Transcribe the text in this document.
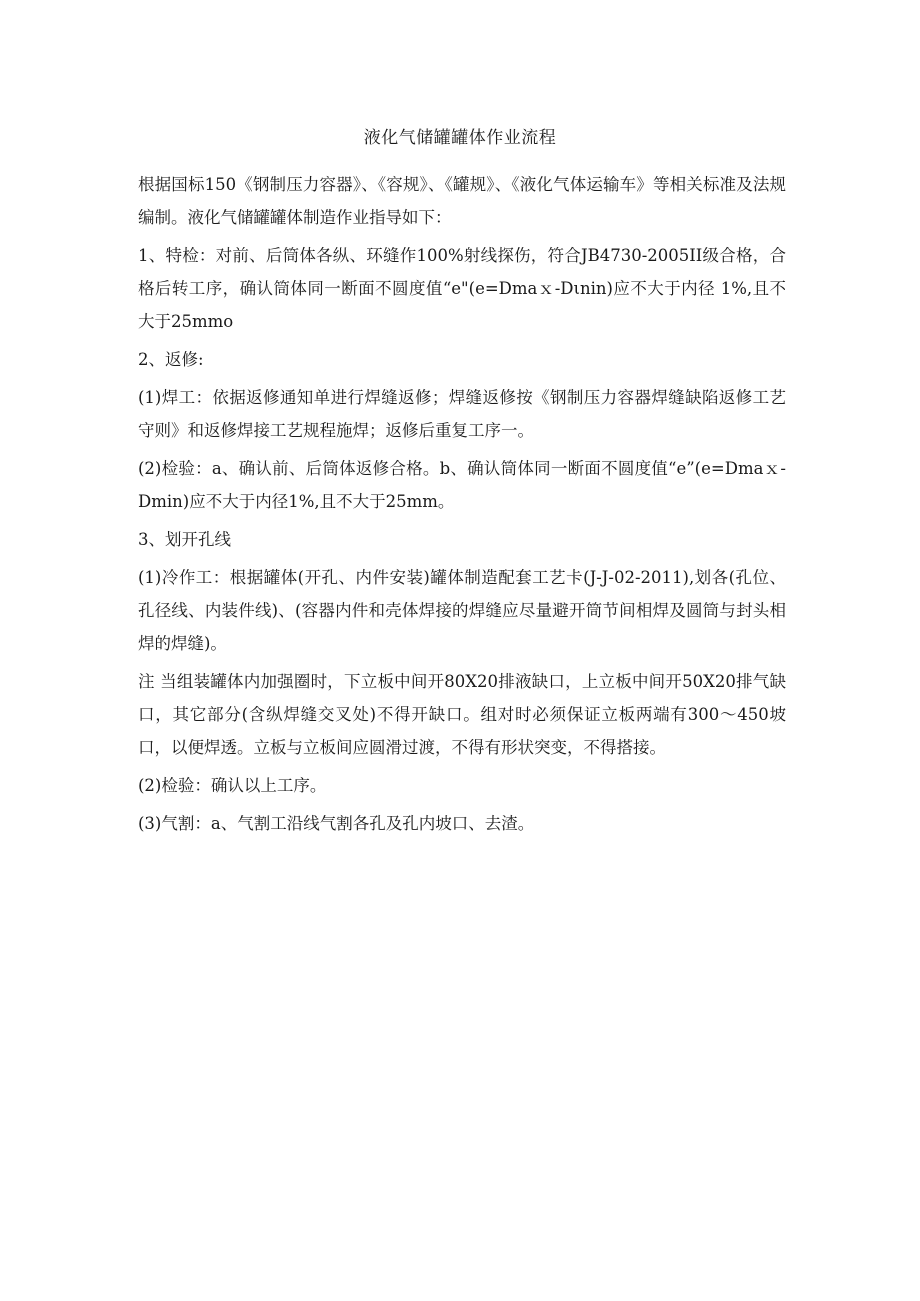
液化气储罐罐体作业流程

根据国标150《钢制压力容器》、《容规》、《罐规》、《液化气体运输车》等相关标准及法规编制。液化气储罐罐体制造作业指导如下：

1、特检：对前、后筒体各纵、环缝作100%射线探伤，符合JB4730-2005II级合格，合格后转工序，确认筒体同一断面不圆度值“e"(e=Dmaｘ-Dιnin)应不大于内径 1%,且不大于25mmo

2、返修:

(1)焊工：依据返修通知单进行焊缝返修；焊缝返修按《钢制压力容器焊缝缺陷返修工艺守则》和返修焊接工艺规程施焊；返修后重复工序一。

(2)检验：a、确认前、后筒体返修合格。b、确认筒体同一断面不圆度值“e”(e=Dmaｘ-Dmin)应不大于内径1%,且不大于25mm。

3、划开孔线

(1)冷作工：根据罐体(开孔、内件安装)罐体制造配套工艺卡(J-J-02-2011),划各(孔位、孔径线、内装件线)、(容器内件和壳体焊接的焊缝应尽量避开筒节间相焊及圆筒与封头相焊的焊缝)。

注 当组装罐体内加强圈时，下立板中间开80X20排液缺口，上立板中间开50X20排气缺口，其它部分(含纵焊缝交叉处)不得开缺口。组对时必须保证立板两端有300～450坡口，以便焊透。立板与立板间应圆滑过渡，不得有形状突变，不得搭接。

(2)检验：确认以上工序。

(3)气割：a、气割工沿线气割各孔及孔内坡口、去渣。
